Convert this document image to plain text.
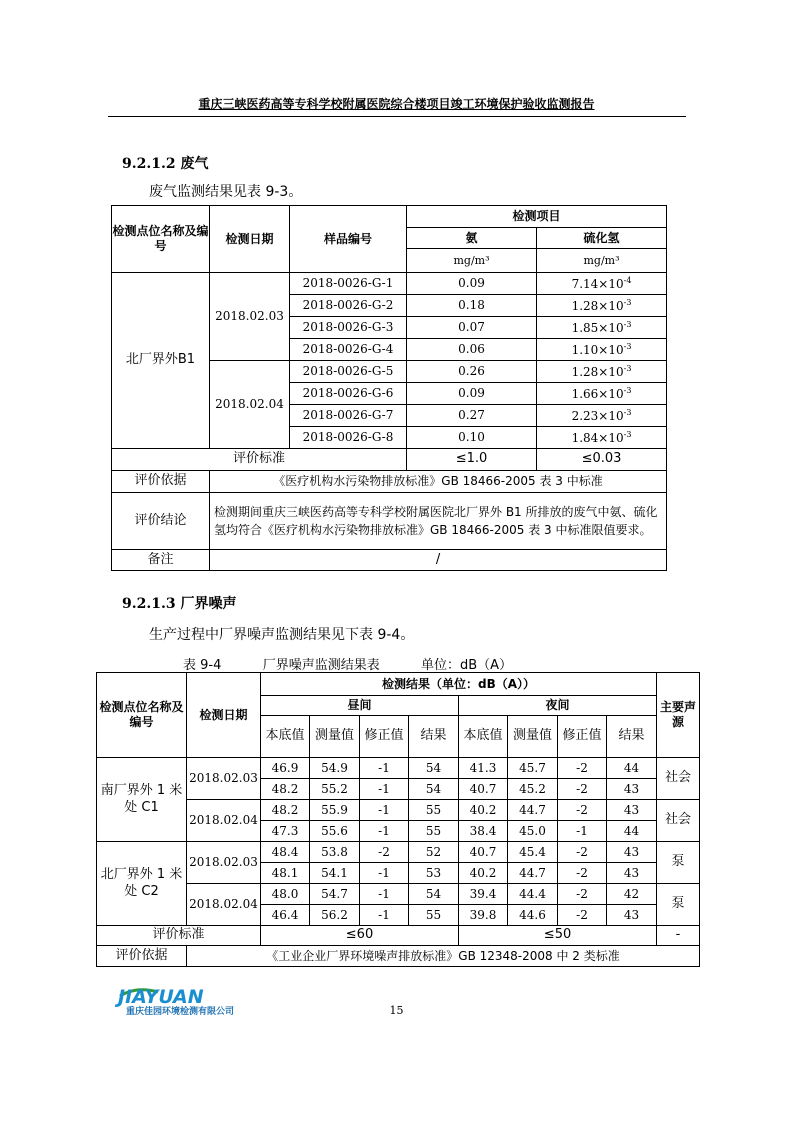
重庆三峡医药高等专科学校附属医院综合楼项目竣工环境保护验收监测报告
9.2.1.2 废气
废气监测结果见表 9-3。
检测点位名称及编号	检测日期	样品编号	检测项目	
			氨	硫化氢
			mg/m³	mg/m³
北厂界外B1	2018.02.03	2018-0026-G-1	0.09	$7.14\times 10^{-4}$
		2018-0026-G-2	0.18	$1.28\times 10^{-3}$
		2018-0026-G-3	0.07	$1.85\times 10^{-3}$
		2018-0026-G-4	0.06	$1.10\times 10^{-3}$
	2018.02.04	2018-0026-G-5	0.26	$1.28\times 10^{-3}$
		2018-0026-G-6	0.09	$1.66\times 10^{-3}$
		2018-0026-G-7	0.27	$2.23\times 10^{-3}$
		2018-0026-G-8	0.10	$1.84\times 10^{-3}$
评价标准			≤1.0	≤0.03
评价依据	《医疗机构水污染物排放标准》GB 18466-2005 表 3 中标准			
评价结论	检测期间重庆三峡医药高等专科学校附属医院北厂界外 B1 所排放的废气中氨、硫化氢均符合《医疗机构水污染物排放标准》GB 18466-2005 表 3 中标准限值要求。			
备注	/			
9.2.1.3 厂界噪声
生产过程中厂界噪声监测结果见下表 9-4。
表 9-4          厂界噪声监测结果表          单位：dB（A）
检测点位名称及编号	检测日期	检测结果（单位：dB（A））								主要声源
		昼间				夜间				
		本底值	测量值	修正值	结果	本底值	测量值	修正值	结果	
南厂界外 1 米处 C1	2018.02.03	46.9	54.9	-1	54	41.3	45.7	-2	44	社会
		48.2	55.2	-1	54	40.7	45.2	-2	43	
	2018.02.04	48.2	55.9	-1	55	40.2	44.7	-2	43	社会
		47.3	55.6	-1	55	38.4	45.0	-1	44	
北厂界外 1 米处 C2	2018.02.03	48.4	53.8	-2	52	40.7	45.4	-2	43	泵
		48.1	54.1	-1	53	40.2	44.7	-2	43	
	2018.02.04	48.0	54.7	-1	54	39.4	44.4	-2	42	泵
		46.4	56.2	-1	55	39.8	44.6	-2	43	
评价标准		≤60				≤50				-
评价依据	《工业企业厂界环境噪声排放标准》GB 12348-2008 中 2 类标准									
JIAYUAN
重庆佳园环境检测有限公司	15
